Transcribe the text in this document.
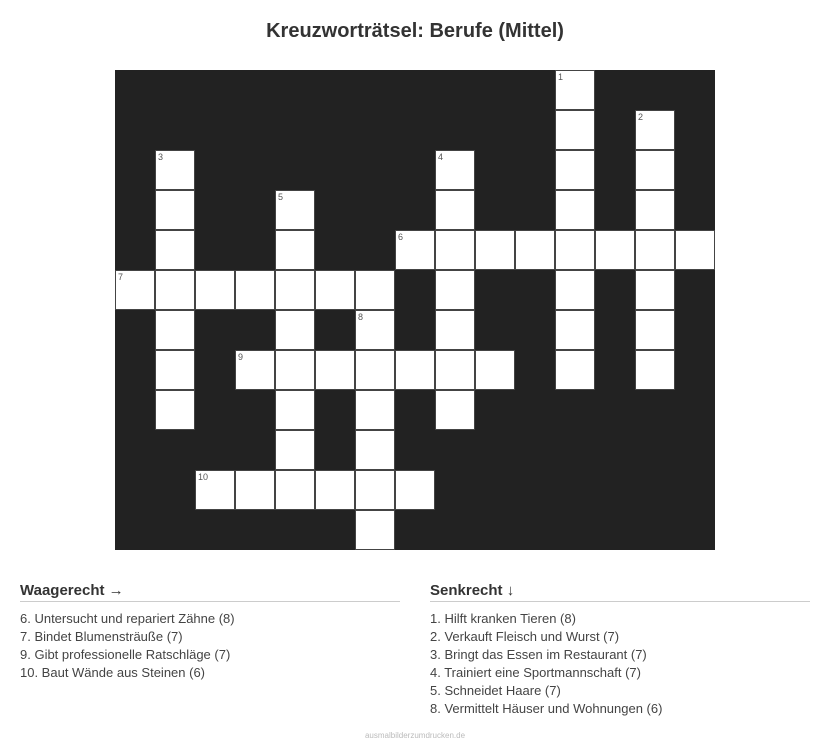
Kreuzworträtsel: Berufe (Mittel)
1
2
3	4
5
6
7
8
9
10
Waagerecht →
6. Untersucht und repariert Zähne (8)
7. Bindet Blumensträuße (7)
9. Gibt professionelle Ratschläge (7)
10. Baut Wände aus Steinen (6)
Senkrecht ↓
1. Hilft kranken Tieren (8)
2. Verkauft Fleisch und Wurst (7)
3. Bringt das Essen im Restaurant (7)
4. Trainiert eine Sportmannschaft (7)
5. Schneidet Haare (7)
8. Vermittelt Häuser und Wohnungen (6)
ausmalbilderzumdrucken.de
